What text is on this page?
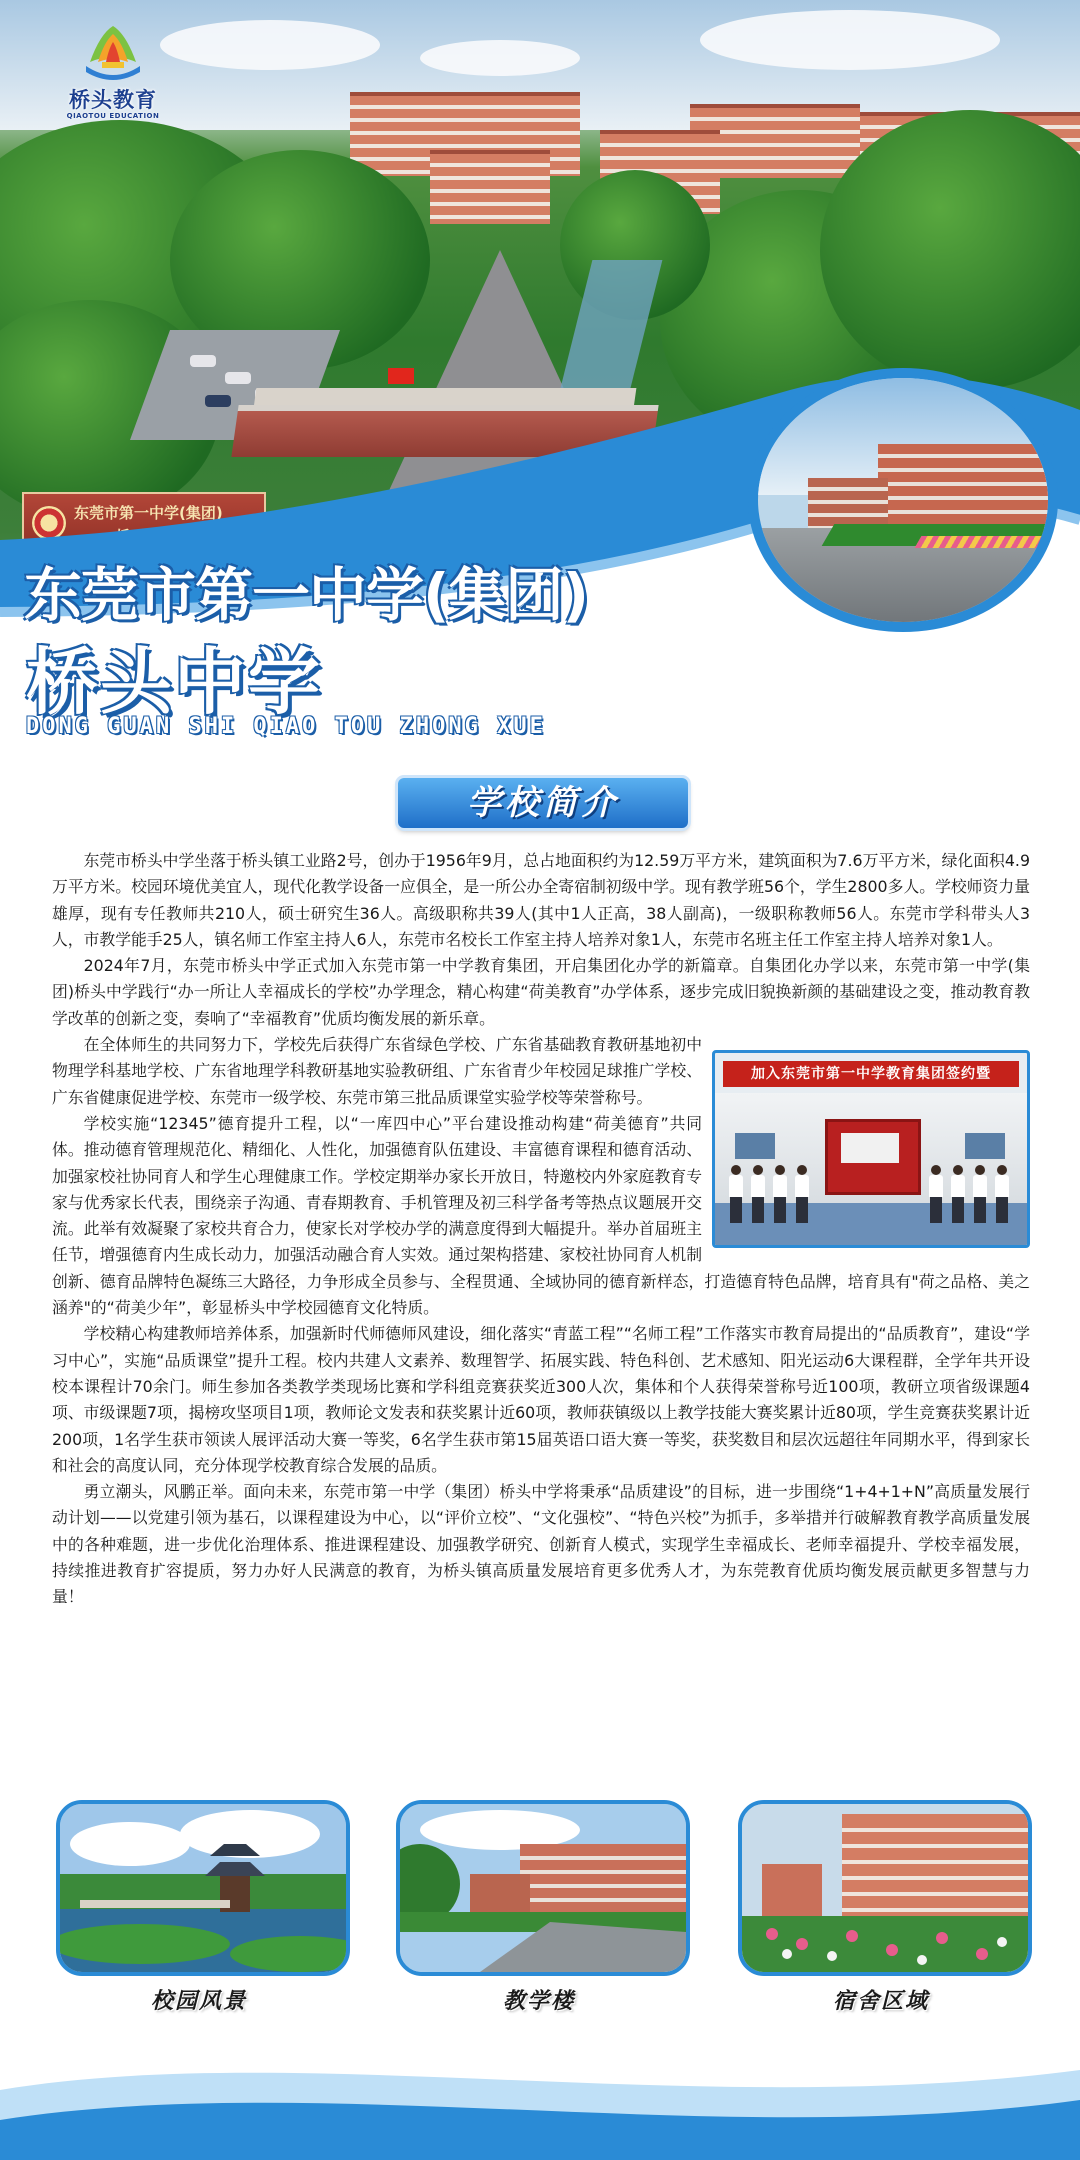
东莞市第一中学(集团)
桥头教育
QIAOTOU EDUCATION
东莞市第一中学(集团)
桥头中学
DONG GUAN SHI QIAO TOU ZHONG XUE
学校简介

东莞市桥头中学坐落于桥头镇工业路2号，创办于1956年9月，总占地面积约为12.59万平方米，建筑面积为7.6万平方米，绿化面积4.9万平方米。校园环境优美宜人，现代化教学设备一应俱全，是一所公办全寄宿制初级中学。现有教学班56个，学生2800多人。学校师资力量雄厚，现有专任教师共210人，硕士研究生36人。高级职称共39人(其中1人正高，38人副高)，一级职称教师56人。东莞市学科带头人3人，市教学能手25人，镇名师工作室主持人6人，东莞市名校长工作室主持人培养对象1人，东莞市名班主任工作室主持人培养对象1人。

2024年7月，东莞市桥头中学正式加入东莞市第一中学教育集团，开启集团化办学的新篇章。自集团化办学以来，东莞市第一中学(集团)桥头中学践行“办一所让人幸福成长的学校”办学理念，精心构建“荷美教育”办学体系，逐步完成旧貌换新颜的基础建设之变，推动教育教学改革的创新之变，奏响了“幸福教育”优质均衡发展的新乐章。

加入东莞市第一中学教育集团签约暨

在全体师生的共同努力下，学校先后获得广东省绿色学校、广东省基础教育教研基地初中物理学科基地学校、广东省地理学科教研基地实验教研组、广东省青少年校园足球推广学校、广东省健康促进学校、东莞市一级学校、东莞市第三批品质课堂实验学校等荣誉称号。

学校实施“12345”德育提升工程，以“一库四中心”平台建设推动构建“荷美德育”共同体。推动德育管理规范化、精细化、人性化，加强德育队伍建设、丰富德育课程和德育活动、加强家校社协同育人和学生心理健康工作。学校定期举办家长开放日，特邀校内外家庭教育专家与优秀家长代表，围绕亲子沟通、青春期教育、手机管理及初三科学备考等热点议题展开交流。此举有效凝聚了家校共育合力，使家长对学校办学的满意度得到大幅提升。举办首届班主任节，增强德育内生成长动力，加强活动融合育人实效。通过架构搭建、家校社协同育人机制创新、德育品牌特色凝练三大路径，力争形成全员参与、全程贯通、全域协同的德育新样态，打造德育特色品牌，培育具有"荷之品格、美之涵养"的“荷美少年”，彰显桥头中学校园德育文化特质。

学校精心构建教师培养体系，加强新时代师德师风建设，细化落实“青蓝工程”“名师工程”工作落实市教育局提出的“品质教育”，建设“学习中心”，实施“品质课堂”提升工程。校内共建人文素养、数理智学、拓展实践、特色科创、艺术感知、阳光运动6大课程群，全学年共开设校本课程计70余门。师生参加各类教学类现场比赛和学科组竞赛获奖近300人次，集体和个人获得荣誉称号近100项，教研立项省级课题4项、市级课题7项，揭榜攻坚项目1项，教师论文发表和获奖累计近60项，教师获镇级以上教学技能大赛奖累计近80项，学生竞赛获奖累计近200项，1名学生获市领读人展评活动大赛一等奖，6名学生获市第15届英语口语大赛一等奖，获奖数目和层次远超往年同期水平，得到家长和社会的高度认同，充分体现学校教育综合发展的品质。

勇立潮头，风鹏正举。面向未来，东莞市第一中学（集团）桥头中学将秉承“品质建设”的目标，进一步围绕“1+4+1+N”高质量发展行动计划——以党建引领为基石，以课程建设为中心，以“评价立校”、“文化强校”、“特色兴校”为抓手，多举措并行破解教育教学高质量发展中的各种难题，进一步优化治理体系、推进课程建设、加强教学研究、创新育人模式，实现学生幸福成长、老师幸福提升、学校幸福发展，持续推进教育扩容提质，努力办好人民满意的教育，为桥头镇高质量发展培育更多优秀人才，为东莞教育优质均衡发展贡献更多智慧与力量！

校园风景	教学楼	宿舍区域
